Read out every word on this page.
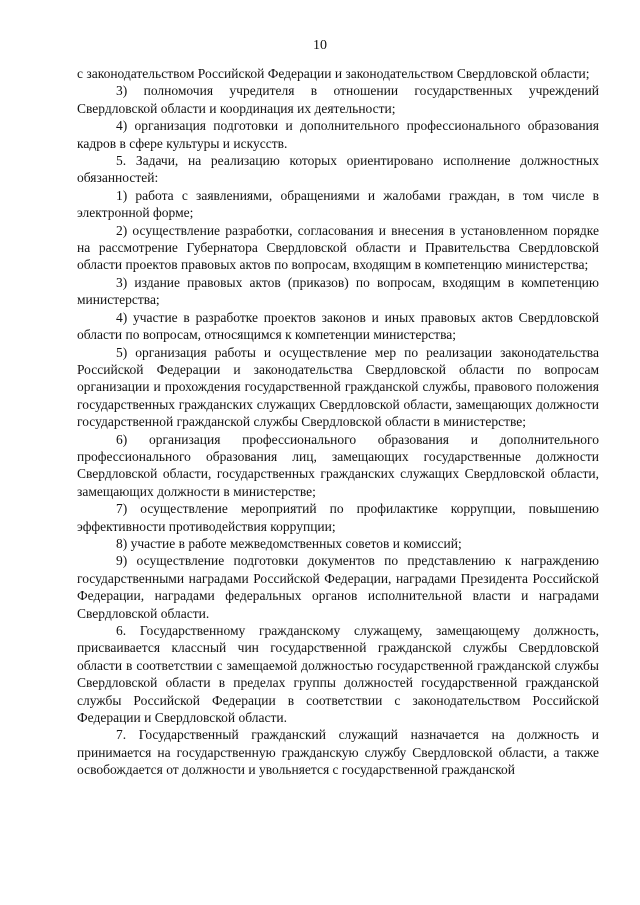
10

с законодательством Российской Федерации и законодательством Свердловской области;

3) полномочия учредителя в отношении государственных учреждений Свердловской области и координация их деятельности;

4) организация подготовки и дополнительного профессионального образования кадров в сфере культуры и искусств.

5. Задачи, на реализацию которых ориентировано исполнение должностных обязанностей:

1) работа с заявлениями, обращениями и жалобами граждан, в том числе в электронной форме;

2) осуществление разработки, согласования и внесения в установленном порядке на рассмотрение Губернатора Свердловской области и Правительства Свердловской области проектов правовых актов по вопросам, входящим в компетенцию министерства;

3) издание правовых актов (приказов) по вопросам, входящим в компетенцию министерства;

4) участие в разработке проектов законов и иных правовых актов Свердловской области по вопросам, относящимся к компетенции министерства;

5) организация работы и осуществление мер по реализации законодательства Российской Федерации и законодательства Свердловской области по вопросам организации и прохождения государственной гражданской службы, правового положения государственных гражданских служащих Свердловской области, замещающих должности государственной гражданской службы Свердловской области в министерстве;

6) организация профессионального образования и дополнительного профессионального образования лиц, замещающих государственные должности Свердловской области, государственных гражданских служащих Свердловской области, замещающих должности в министерстве;

7) осуществление мероприятий по профилактике коррупции, повышению эффективности противодействия коррупции;

8) участие в работе межведомственных советов и комиссий;

9) осуществление подготовки документов по представлению к награждению государственными наградами Российской Федерации, наградами Президента Российской Федерации, наградами федеральных органов исполнительной власти и наградами Свердловской области.

6. Государственному гражданскому служащему, замещающему должность, присваивается классный чин государственной гражданской службы Свердловской области в соответствии с замещаемой должностью государственной гражданской службы Свердловской области в пределах группы должностей государственной гражданской службы Российской Федерации в соответствии с законодательством Российской Федерации и Свердловской области.

7. Государственный гражданский служащий назначается на должность и принимается на государственную гражданскую службу Свердловской области, а также освобождается от должности и увольняется с государственной гражданской
